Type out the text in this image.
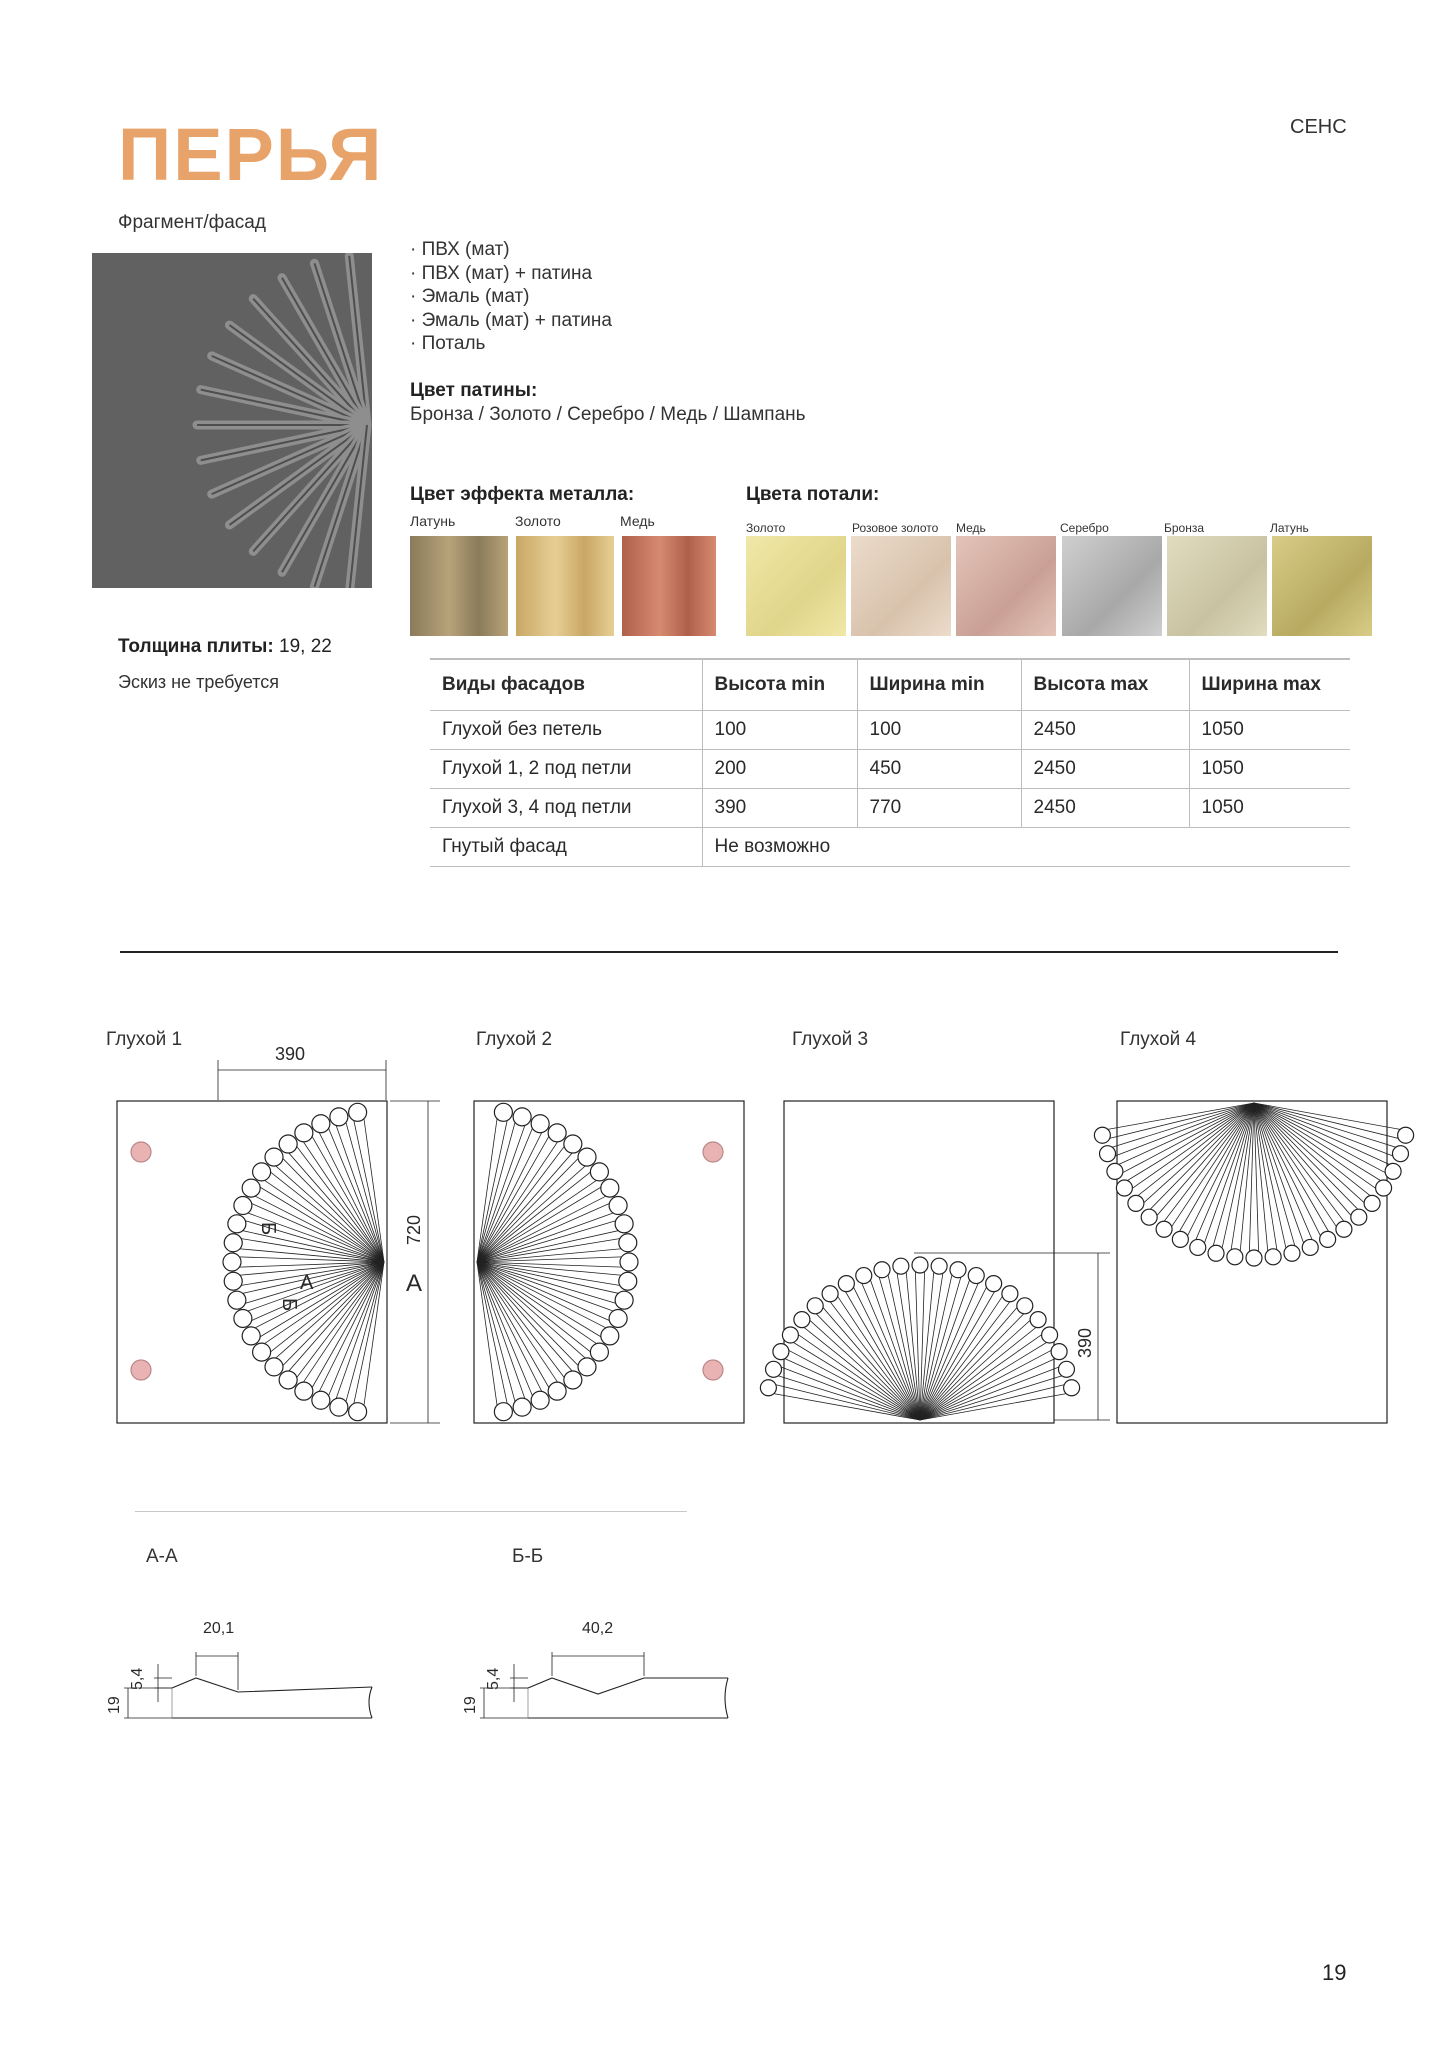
ПЕРЬЯ	СЕНС
Фрагмент/фасад
· ПВХ (мат)
· ПВХ (мат) + патина
· Эмаль (мат)
· Эмаль (мат) + патина
· Поталь
Цвет патины:
Бронза / Золото / Серебро / Медь / Шампань
Цвет эффекта металла:
Латунь	Золото	Медь
Цвета потали:
Золото	Розовое золото Медь	Серебро	Бронза	Латунь
Толщина плиты: 19, 22
Эскиз не требуется	Виды фасадов	Высота min	Ширина min	Высота max	Ширина max
Глухой без петель	100	100	2450	1050
Глухой 1, 2 под петли	200	450	2450	1050
Глухой 3, 4 под петли	390	770	2450	1050
Гнутый фасад	Не возможно			
Глухой 1	Глухой 2	Глухой 3	Глухой 4
390
720
390
А
А
Б
Б
А-А	Б-Б
20,1
5,4
19
40,2
5,4
19
19
